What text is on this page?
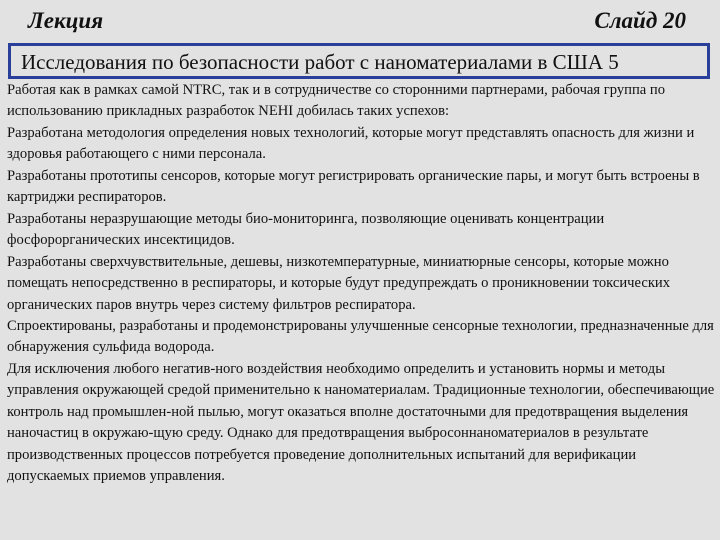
Лекция	Слайд 20
Исследования по безопасности работ с наноматериалами в США 5

Работая как в рамках самой NTRC, так и в сотрудничестве со сторонними партнерами, рабочая группа по использованию прикладных разработок NEHI добилась таких успехов:

Разработана методология определения новых технологий, которые могут представлять опасность для жизни и здоровья работающего с ними персонала.

Разработаны прототипы сенсоров, которые могут регистрировать органические пары, и могут быть встроены в картриджи респираторов.

Разработаны неразрушающие методы био-мониторинга, позволяющие оценивать концентрации фосфорорганических инсектицидов.

Разработаны сверхчувствительные, дешевы, низкотемпературные, миниатюрные сенсоры, которые можно помещать непосредственно в респираторы, и которые будут предупреждать о проникновении токсических органических паров внутрь через систему фильтров респиратора.

Спроектированы, разработаны и продемонстрированы улучшенные сенсорные технологии, предназначенные для обнаружения сульфида водорода.

Для исключения любого негатив-ного воздействия необходимо определить и установить нормы и методы управления окружающей средой применительно к наноматериалам. Традиционные технологии, обеспечивающие контроль над промышлен-ной пылью, могут оказаться вполне достаточными для предотвращения выделения наночастиц в окружаю-щую среду. Однако для предотвращения выбросоннаноматериалов в результате производственных процессов потребуется проведение дополнительных испытаний для верификации допускаемых приемов управления.
